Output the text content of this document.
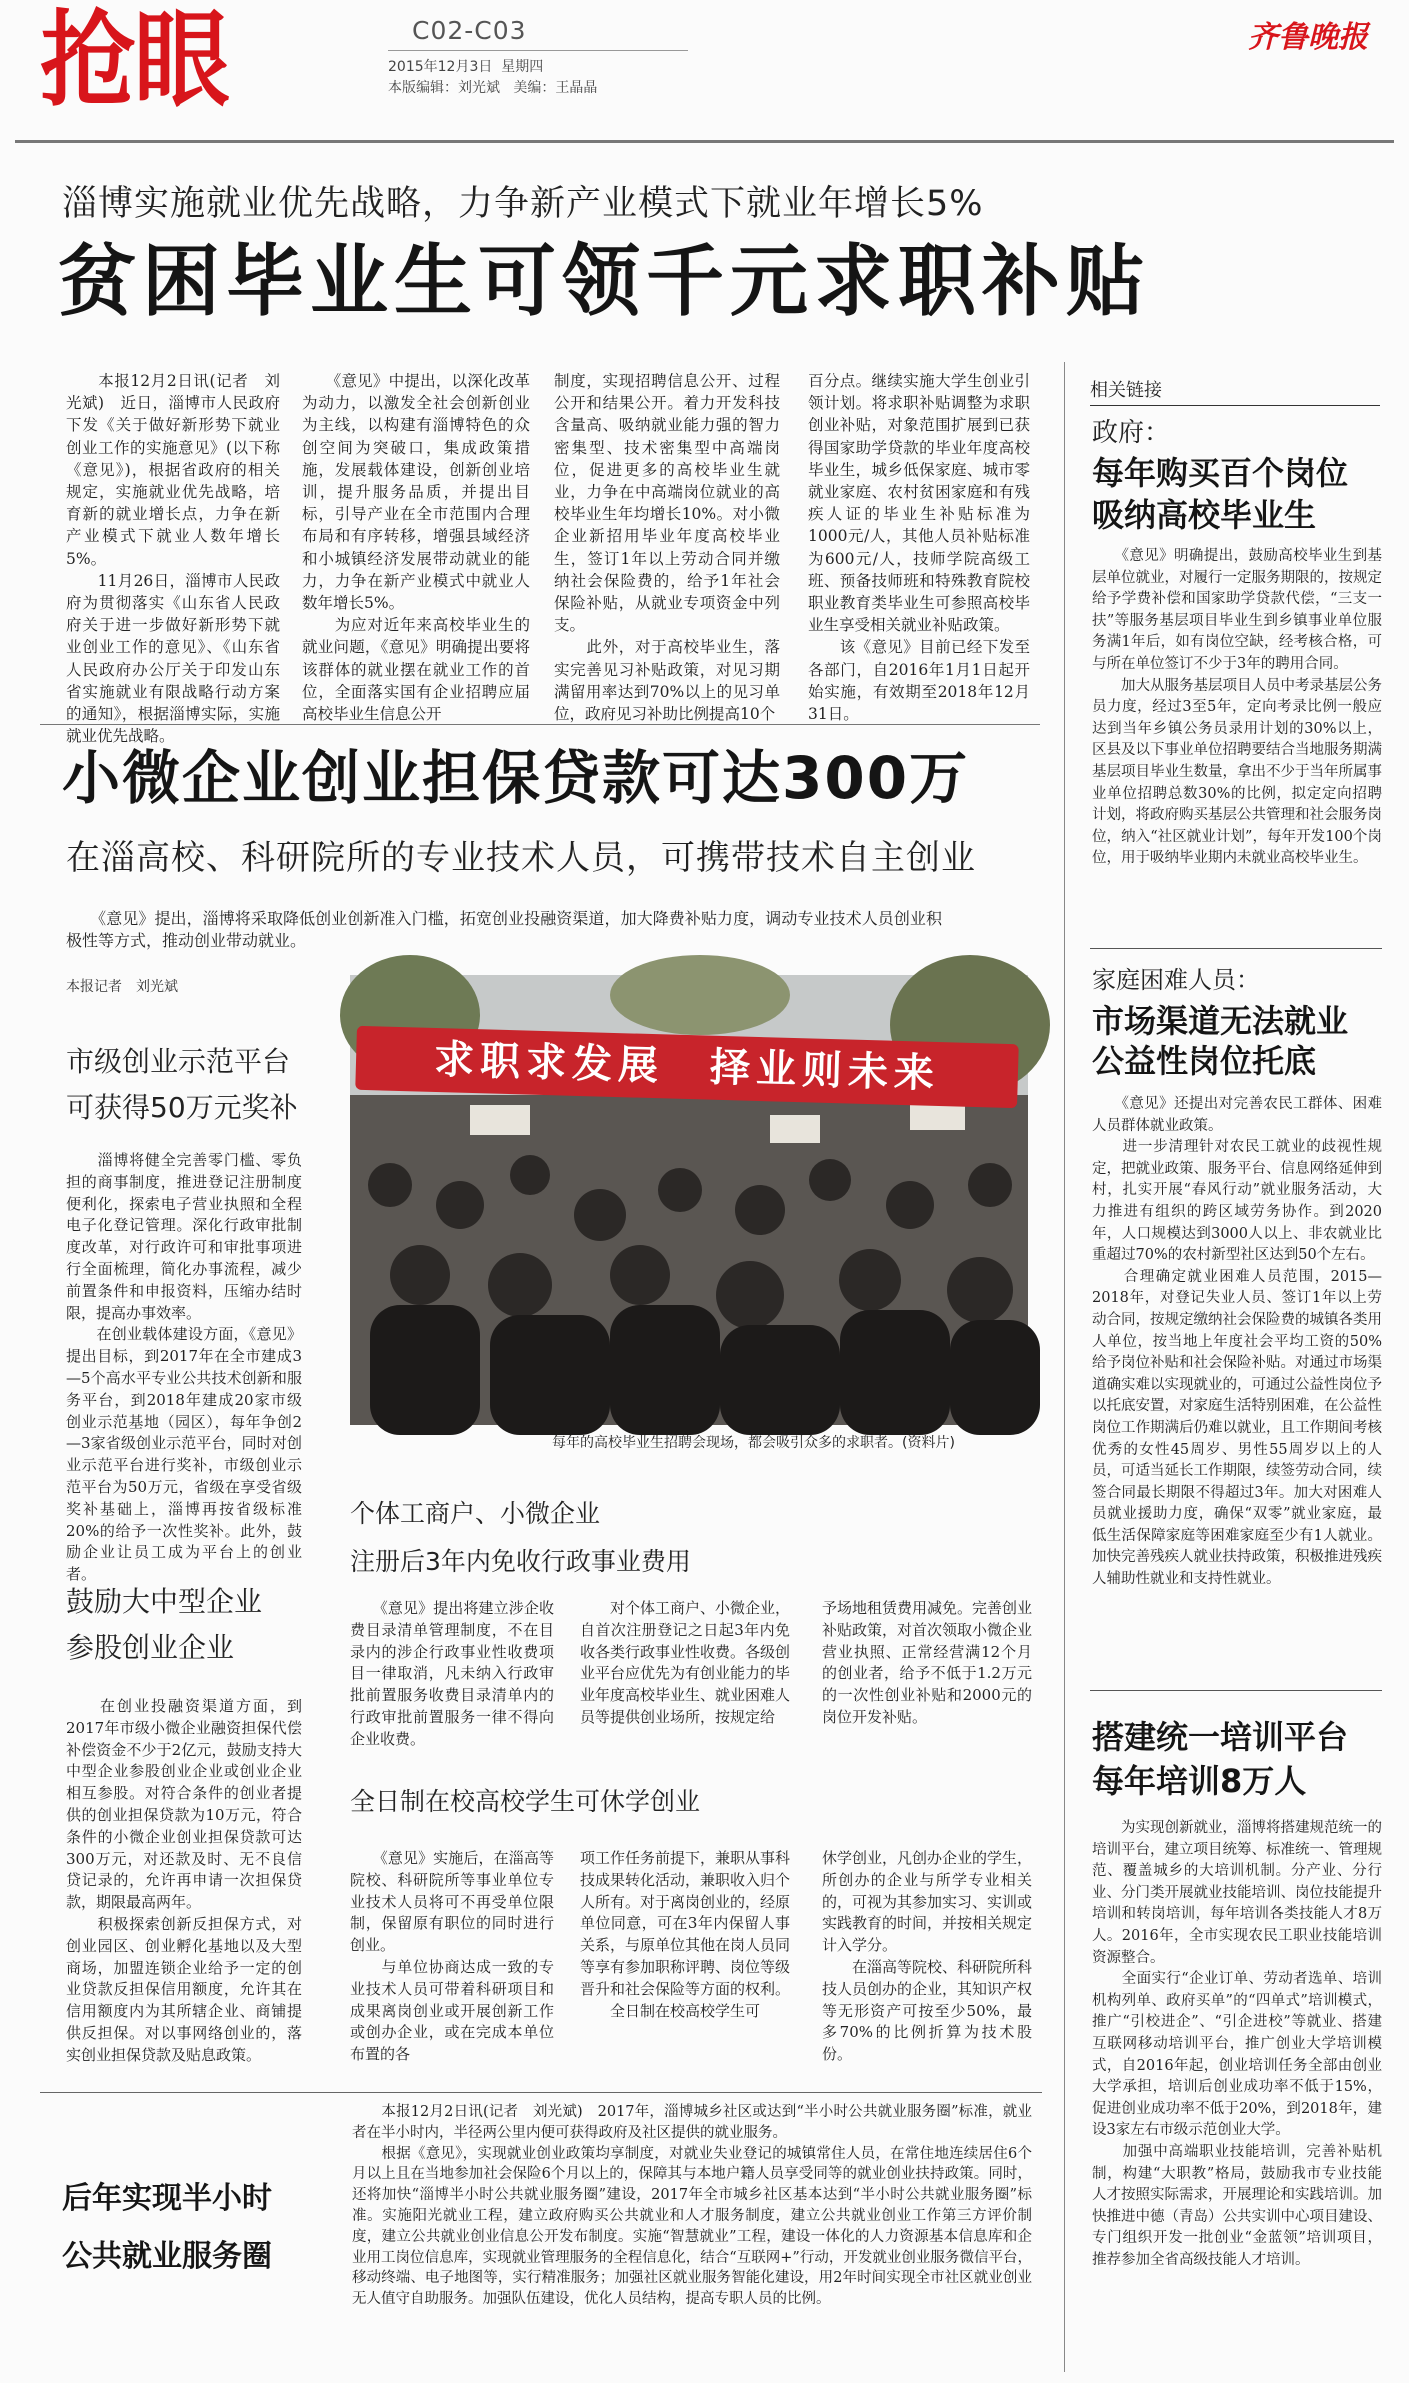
抢眼	C02-C03
2015年12月3日 星期四
本版编辑：刘光斌 美编：王晶晶
齐鲁晚报
淄博实施就业优先战略，力争新产业模式下就业年增长5%
贫困毕业生可领千元求职补贴
　　本报12月2日讯(记者　刘光斌)　近日，淄博市人民政府下发《关于做好新形势下就业创业工作的实施意见》(以下称《意见》)，根据省政府的相关规定，实施就业优先战略，培育新的就业增长点，力争在新产业模式下就业人数年增长5%。
　　11月26日，淄博市人民政府为贯彻落实《山东省人民政府关于进一步做好新形势下就业创业工作的意见》、《山东省人民政府办公厅关于印发山东省实施就业有限战略行动方案的通知》，根据淄博实际，实施就业优先战略。
　　《意见》中提出，以深化改革为动力，以激发全社会创新创业为主线，以构建有淄博特色的众创空间为突破口，集成政策措施，发展载体建设，创新创业培训，提升服务品质，并提出目标，引导产业在全市范围内合理布局和有序转移，增强县域经济和小城镇经济发展带动就业的能力，力争在新产业模式中就业人数年增长5%。
　　为应对近年来高校毕业生的就业问题，《意见》明确提出要将该群体的就业摆在就业工作的首位，全面落实国有企业招聘应届高校毕业生信息公开
制度，实现招聘信息公开、过程公开和结果公开。着力开发科技含量高、吸纳就业能力强的智力密集型、技术密集型中高端岗位，促进更多的高校毕业生就业，力争在中高端岗位就业的高校毕业生年均增长10%。对小微企业新招用毕业年度高校毕业生，签订1年以上劳动合同并缴纳社会保险费的，给予1年社会保险补贴，从就业专项资金中列支。
　　此外，对于高校毕业生，落实完善见习补贴政策，对见习期满留用率达到70%以上的见习单位，政府见习补助比例提高10个
百分点。继续实施大学生创业引领计划。将求职补贴调整为求职创业补贴，对象范围扩展到已获得国家助学贷款的毕业年度高校毕业生，城乡低保家庭、城市零就业家庭、农村贫困家庭和有残疾人证的毕业生补贴标准为1000元/人，其他人员补贴标准为600元/人，技师学院高级工班、预备技师班和特殊教育院校职业教育类毕业生可参照高校毕业生享受相关就业补贴政策。
　　该《意见》目前已经下发至各部门，自2016年1月1日起开始实施，有效期至2018年12月31日。
相关链接
政府：
每年购买百个岗位
吸纳高校毕业生
　　《意见》明确提出，鼓励高校毕业生到基层单位就业，对履行一定服务期限的，按规定给予学费补偿和国家助学贷款代偿，“三支一扶”等服务基层项目毕业生到乡镇事业单位服务满1年后，如有岗位空缺，经考核合格，可与所在单位签订不少于3年的聘用合同。
　　加大从服务基层项目人员中考录基层公务员力度，经过3至5年，定向考录比例一般应达到当年乡镇公务员录用计划的30%以上，区县及以下事业单位招聘要结合当地服务期满基层项目毕业生数量，拿出不少于当年所属事业单位招聘总数30%的比例，拟定定向招聘计划，将政府购买基层公共管理和社会服务岗位，纳入“社区就业计划”，每年开发100个岗位，用于吸纳毕业期内未就业高校毕业生。
家庭困难人员：
市场渠道无法就业
公益性岗位托底
　　《意见》还提出对完善农民工群体、困难人员群体就业政策。
　　进一步清理针对农民工就业的歧视性规定，把就业政策、服务平台、信息网络延伸到村，扎实开展“春风行动”就业服务活动，大力推进有组织的跨区域劳务协作。到2020年，人口规模达到3000人以上、非农就业比重超过70%的农村新型社区达到50个左右。
　　合理确定就业困难人员范围，2015—2018年，对登记失业人员、签订1年以上劳动合同，按规定缴纳社会保险费的城镇各类用人单位，按当地上年度社会平均工资的50%给予岗位补贴和社会保险补贴。对通过市场渠道确实难以实现就业的，可通过公益性岗位予以托底安置，对家庭生活特别困难，在公益性岗位工作期满后仍难以就业，且工作期间考核优秀的女性45周岁、男性55周岁以上的人员，可适当延长工作期限，续签劳动合同，续签合同最长期限不得超过3年。加大对困难人员就业援助力度，确保“双零”就业家庭，最低生活保障家庭等困难家庭至少有1人就业。加快完善残疾人就业扶持政策，积极推进残疾人辅助性就业和支持性就业。
搭建统一培训平台
每年培训8万人
　　为实现创新就业，淄博将搭建规范统一的培训平台，建立项目统筹、标准统一、管理规范、覆盖城乡的大培训机制。分产业、分行业、分门类开展就业技能培训、岗位技能提升培训和转岗培训，每年培训各类技能人才8万人。2016年，全市实现农民工职业技能培训资源整合。
　　全面实行“企业订单、劳动者选单、培训机构列单、政府买单”的“四单式”培训模式，推广“引校进企”、“引企进校”等就业、搭建互联网移动培训平台，推广创业大学培训模式，自2016年起，创业培训任务全部由创业大学承担，培训后创业成功率不低于15%，促进创业成功率不低于20%，到2018年，建设3家左右市级示范创业大学。
　　加强中高端职业技能培训，完善补贴机制，构建“大职教”格局，鼓励我市专业技能人才按照实际需求，开展理论和实践培训。加快推进中德（青岛）公共实训中心项目建设、专门组织开发一批创业“金蓝领”培训项目，推荐参加全省高级技能人才培训。
小微企业创业担保贷款可达300万
在淄高校、科研院所的专业技术人员，可携带技术自主创业
　　《意见》提出，淄博将采取降低创业创新准入门槛，拓宽创业投融资渠道，加大降费补贴力度，调动专业技术人员创业积极性等方式，推动创业带动就业。
本报记者　刘光斌
市级创业示范平台
可获得50万元奖补
　　淄博将健全完善零门槛、零负担的商事制度，推进登记注册制度便利化，探索电子营业执照和全程电子化登记管理。深化行政审批制度改革，对行政许可和审批事项进行全面梳理，简化办事流程，减少前置条件和申报资料，压缩办结时限，提高办事效率。
　　在创业载体建设方面，《意见》提出目标，到2017年在全市建成3—5个高水平专业公共技术创新和服务平台，到2018年建成20家市级创业示范基地（园区），每年争创2—3家省级创业示范平台，同时对创业示范平台进行奖补，市级创业示范平台为50万元，省级在享受省级奖补基础上，淄博再按省级标准20%的给予一次性奖补。此外，鼓励企业让员工成为平台上的创业者。
鼓励大中型企业
参股创业企业
　　在创业投融资渠道方面，到2017年市级小微企业融资担保代偿补偿资金不少于2亿元，鼓励支持大中型企业参股创业企业或创业企业相互参股。对符合条件的创业者提供的创业担保贷款为10万元，符合条件的小微企业创业担保贷款可达300万元，对还款及时、无不良信贷记录的，允许再申请一次担保贷款，期限最高两年。
　　积极探索创新反担保方式，对创业园区、创业孵化基地以及大型商场，加盟连锁企业给予一定的创业贷款反担保信用额度，允许其在信用额度内为其所辖企业、商铺提供反担保。对以事网络创业的，落实创业担保贷款及贴息政策。
求职求发展　择业则未来
每年的高校毕业生招聘会现场，都会吸引众多的求职者。(资料片)
个体工商户、小微企业
注册后3年内免收行政事业费用
　　《意见》提出将建立涉企收费目录清单管理制度，不在目录内的涉企行政事业性收费项目一律取消，凡未纳入行政审批前置服务收费目录清单内的行政审批前置服务一律不得向企业收费。
　　对个体工商户、小微企业，自首次注册登记之日起3年内免收各类行政事业性收费。各级创业平台应优先为有创业能力的毕业年度高校毕业生、就业困难人员等提供创业场所，按规定给
予场地租赁费用减免。完善创业补贴政策，对首次领取小微企业营业执照、正常经营满12个月的创业者，给予不低于1.2万元的一次性创业补贴和2000元的岗位开发补贴。
全日制在校高校学生可休学创业
　　《意见》实施后，在淄高等院校、科研院所等事业单位专业技术人员将可不再受单位限制，保留原有职位的同时进行创业。
　　与单位协商达成一致的专业技术人员可带着科研项目和成果离岗创业或开展创新工作或创办企业，或在完成本单位布置的各
项工作任务前提下，兼职从事科技成果转化活动，兼职收入归个人所有。对于离岗创业的，经原单位同意，可在3年内保留人事关系，与原单位其他在岗人员同等享有参加职称评聘、岗位等级晋升和社会保险等方面的权利。
　　全日制在校高校学生可
休学创业，凡创办企业的学生，所创办的企业与所学专业相关的，可视为其参加实习、实训或实践教育的时间，并按相关规定计入学分。
　　在淄高等院校、科研院所科技人员创办的企业，其知识产权等无形资产可按至少50%，最多70%的比例折算为技术股份。
后年实现半小时
公共就业服务圈
　　本报12月2日讯(记者　刘光斌)　2017年，淄博城乡社区或达到“半小时公共就业服务圈”标准，就业者在半小时内，半径两公里内便可获得政府及社区提供的就业服务。
　　根据《意见》，实现就业创业政策均享制度，对就业失业登记的城镇常住人员，在常住地连续居住6个月以上且在当地参加社会保险6个月以上的，保障其与本地户籍人员享受同等的就业创业扶持政策。同时，还将加快“淄博半小时公共就业服务圈”建设，2017年全市城乡社区基本达到“半小时公共就业服务圈”标准。实施阳光就业工程，建立政府购买公共就业和人才服务制度，建立公共就业创业工作第三方评价制度，建立公共就业创业信息公开发布制度。实施“智慧就业”工程，建设一体化的人力资源基本信息库和企业用工岗位信息库，实现就业管理服务的全程信息化，结合“互联网+”行动，开发就业创业服务微信平台，移动终端、电子地图等，实行精准服务；加强社区就业服务智能化建设，用2年时间实现全市社区就业创业无人值守自助服务。加强队伍建设，优化人员结构，提高专职人员的比例。
